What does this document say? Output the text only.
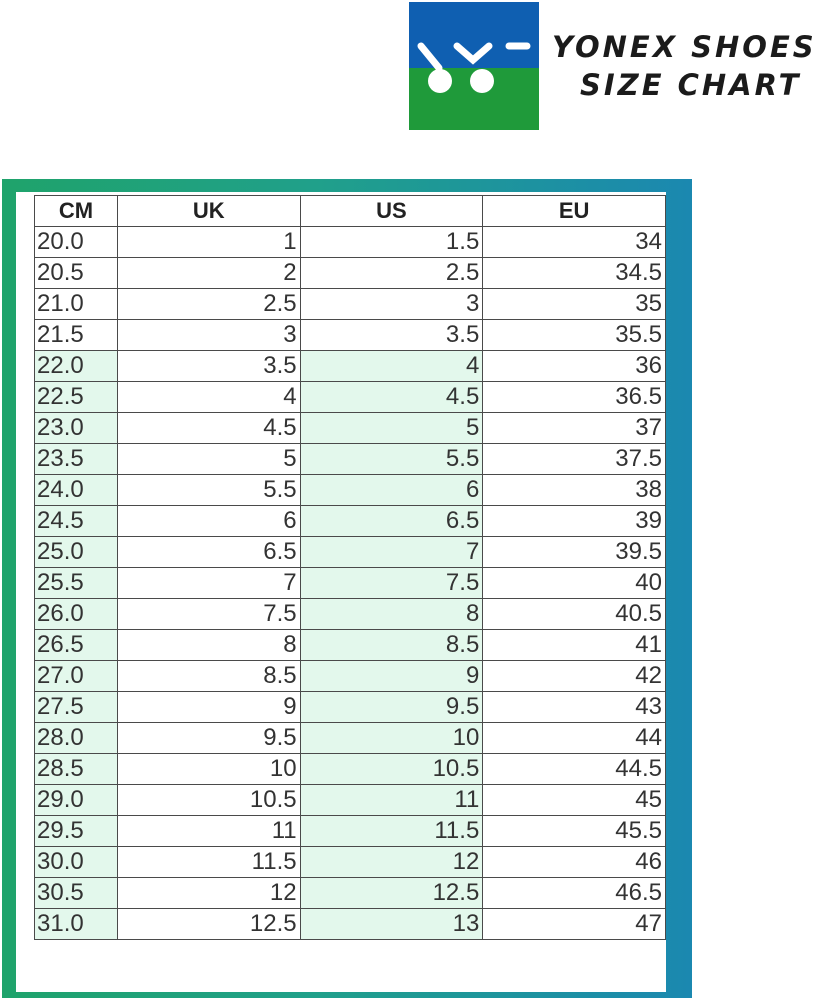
YONEX SHOES
SIZE CHART
CM	UK	US	EU
20.0	1	1.5	34
20.5	2	2.5	34.5
21.0	2.5	3	35
21.5	3	3.5	35.5
22.0	3.5	4	36
22.5	4	4.5	36.5
23.0	4.5	5	37
23.5	5	5.5	37.5
24.0	5.5	6	38
24.5	6	6.5	39
25.0	6.5	7	39.5
25.5	7	7.5	40
26.0	7.5	8	40.5
26.5	8	8.5	41
27.0	8.5	9	42
27.5	9	9.5	43
28.0	9.5	10	44
28.5	10	10.5	44.5
29.0	10.5	11	45
29.5	11	11.5	45.5
30.0	11.5	12	46
30.5	12	12.5	46.5
31.0	12.5	13	47
